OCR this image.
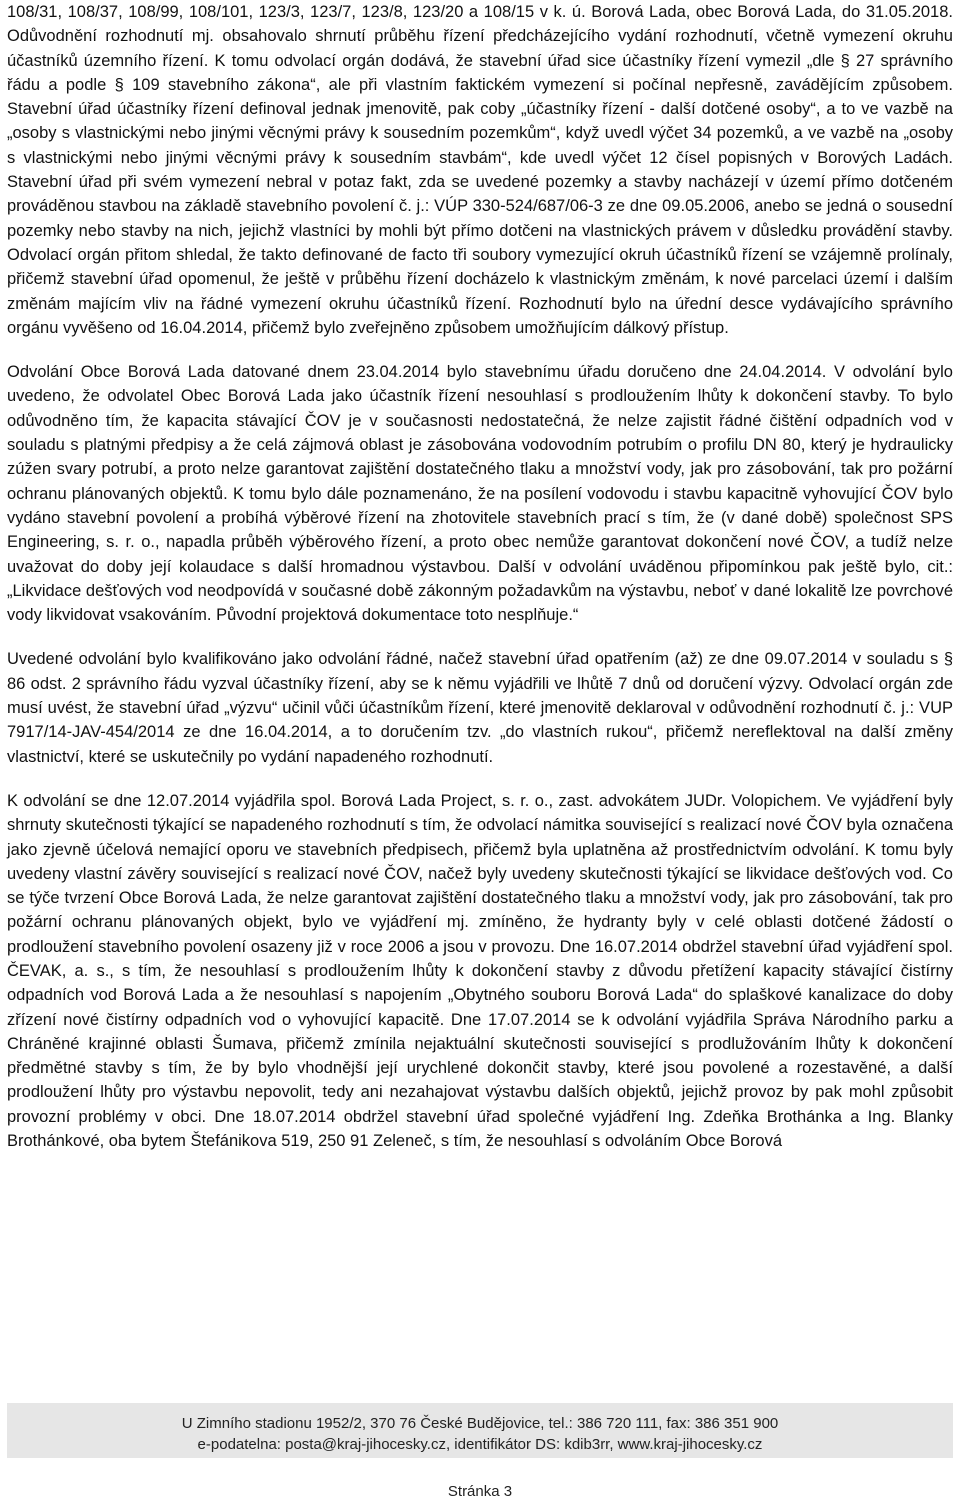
108/31, 108/37, 108/99, 108/101, 123/3, 123/7, 123/8, 123/20 a 108/15 v k. ú. Borová Lada, obec Borová Lada, do 31.05.2018. Odůvodnění rozhodnutí mj. obsahovalo shrnutí průběhu řízení předcházejícího vydání rozhodnutí, včetně vymezení okruhu účastníků územního řízení. K tomu odvolací orgán dodává, že stavební úřad sice účastníky řízení vymezil „dle § 27 správního řádu a podle § 109 stavebního zákona“, ale při vlastním faktickém vymezení si počínal nepřesně, zavádějícím způsobem. Stavební úřad účastníky řízení definoval jednak jmenovitě, pak coby „účastníky řízení - další dotčené osoby“, a to ve vazbě na „osoby s vlastnickými nebo jinými věcnými právy k sousedním pozemkům“, když uvedl výčet 34 pozemků, a ve vazbě na „osoby s vlastnickými nebo jinými věcnými právy k sousedním stavbám“, kde uvedl výčet 12 čísel popisných v Borových Ladách. Stavební úřad při svém vymezení nebral v potaz fakt, zda se uvedené pozemky a stavby nacházejí v území přímo dotčeném prováděnou stavbou na základě stavebního povolení č. j.: VÚP 330-524/687/06-3 ze dne 09.05.2006, anebo se jedná o sousední pozemky nebo stavby na nich, jejichž vlastníci by mohli být přímo dotčeni na vlastnických právem v důsledku provádění stavby. Odvolací orgán přitom shledal, že takto definované de facto tři soubory vymezující okruh účastníků řízení se vzájemně prolínaly, přičemž stavební úřad opomenul, že ještě v průběhu řízení docházelo k vlastnickým změnám, k nové parcelaci území i dalším změnám majícím vliv na řádné vymezení okruhu účastníků řízení. Rozhodnutí bylo na úřední desce vydávajícího správního orgánu vyvěšeno od 16.04.2014, přičemž bylo zveřejněno způsobem umožňujícím dálkový přístup.

Odvolání Obce Borová Lada datované dnem 23.04.2014 bylo stavebnímu úřadu doručeno dne 24.04.2014. V odvolání bylo uvedeno, že odvolatel Obec Borová Lada jako účastník řízení nesouhlasí s prodloužením lhůty k dokončení stavby. To bylo odůvodněno tím, že kapacita stávající ČOV je v současnosti nedostatečná, že nelze zajistit řádné čištění odpadních vod v souladu s platnými předpisy a že celá zájmová oblast je zásobována vodovodním potrubím o profilu DN 80, který je hydraulicky zúžen svary potrubí, a proto nelze garantovat zajištění dostatečného tlaku a množství vody, jak pro zásobování, tak pro požární ochranu plánovaných objektů. K tomu bylo dále poznamenáno, že na posílení vodovodu i stavbu kapacitně vyhovující ČOV bylo vydáno stavební povolení a probíhá výběrové řízení na zhotovitele stavebních prací s tím, že (v dané době) společnost SPS Engineering, s. r. o., napadla průběh výběrového řízení, a proto obec nemůže garantovat dokončení nové ČOV, a tudíž nelze uvažovat do doby její kolaudace s další hromadnou výstavbou. Další v odvolání uváděnou připomínkou pak ještě bylo, cit.: „Likvidace dešťových vod neodpovídá v současné době zákonným požadavkům na výstavbu, neboť v dané lokalitě lze povrchové vody likvidovat vsakováním. Původní projektová dokumentace toto nesplňuje.“

Uvedené odvolání bylo kvalifikováno jako odvolání řádné, načež stavební úřad opatřením (až) ze dne 09.07.2014 v souladu s § 86 odst. 2 správního řádu vyzval účastníky řízení, aby se k němu vyjádřili ve lhůtě 7 dnů od doručení výzvy. Odvolací orgán zde musí uvést, že stavební úřad „výzvu“ učinil vůči účastníkům řízení, které jmenovitě deklaroval v odůvodnění rozhodnutí č. j.: VUP 7917/14-JAV-454/2014 ze dne 16.04.2014, a to doručením tzv. „do vlastních rukou“, přičemž nereflektoval na další změny vlastnictví, které se uskutečnily po vydání napadeného rozhodnutí.

K odvolání se dne 12.07.2014 vyjádřila spol. Borová Lada Project, s. r. o., zast. advokátem JUDr. Volopichem. Ve vyjádření byly shrnuty skutečnosti týkající se napadeného rozhodnutí s tím, že odvolací námitka související s realizací nové ČOV byla označena jako zjevně účelová nemající oporu ve stavebních předpisech, přičemž byla uplatněna až prostřednictvím odvolání. K tomu byly uvedeny vlastní závěry související s realizací nové ČOV, načež byly uvedeny skutečnosti týkající se likvidace dešťových vod. Co se týče tvrzení Obce Borová Lada, že nelze garantovat zajištění dostatečného tlaku a množství vody, jak pro zásobování, tak pro požární ochranu plánovaných objekt, bylo ve vyjádření mj. zmíněno, že hydranty byly v celé oblasti dotčené žádostí o prodloužení stavebního povolení osazeny již v roce 2006 a jsou v provozu. Dne 16.07.2014 obdržel stavební úřad vyjádření spol. ČEVAK, a. s., s tím, že nesouhlasí s prodloužením lhůty k dokončení stavby z důvodu přetížení kapacity stávající čistírny odpadních vod Borová Lada a že nesouhlasí s napojením „Obytného souboru Borová Lada“ do splaškové kanalizace do doby zřízení nové čistírny odpadních vod o vyhovující kapacitě. Dne 17.07.2014 se k odvolání vyjádřila Správa Národního parku a Chráněné krajinné oblasti Šumava, přičemž zmínila nejaktuální skutečnosti související s prodlužováním lhůty k dokončení předmětné stavby s tím, že by bylo vhodnější její urychlené dokončit stavby, které jsou povolené a rozestavěné, a další prodloužení lhůty pro výstavbu nepovolit, tedy ani nezahajovat výstavbu dalších objektů, jejichž provoz by pak mohl způsobit provozní problémy v obci. Dne 18.07.2014 obdržel stavební úřad společné vyjádření Ing. Zdeňka Brothánka a Ing. Blanky Brothánkové, oba bytem Štefánikova 519, 250 91 Zeleneč, s tím, že nesouhlasí s odvoláním Obce Borová

U Zimního stadionu 1952/2, 370 76 České Budějovice, tel.: 386 720 111, fax: 386 351 900
e-podatelna: posta@kraj-jihocesky.cz, identifikátor DS: kdib3rr, www.kraj-jihocesky.cz
Stránka 3
